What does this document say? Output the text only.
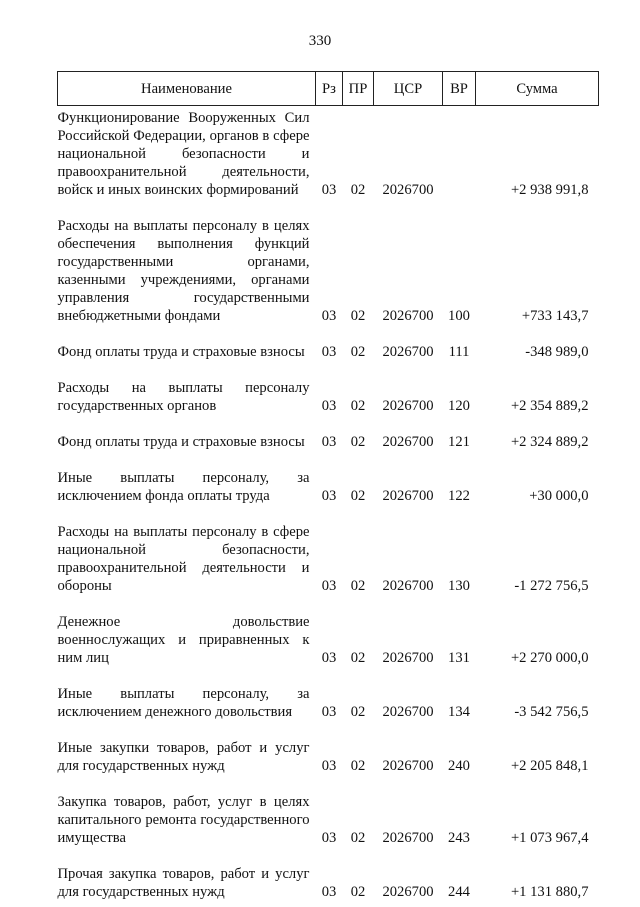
330
Наименование	Рз	ПР	ЦСР	ВР	Сумма
Функционирование Вооруженных Сил Российской Федерации, органов в сфере национальной безопасности и правоохранительной деятельности, войск и иных воинских формирований	03	02	2026700		+2 938 991,8
Расходы на выплаты персоналу в целях обеспечения выполнения функций государственными органами, казенными учреждениями, органами управления государственными внебюджетными фондами	03	02	2026700	100	+733 143,7
Фонд оплаты труда и страховые взносы	03	02	2026700	111	-348 989,0
Расходы на выплаты персоналу государственных органов	03	02	2026700	120	+2 354 889,2
Фонд оплаты труда и страховые взносы	03	02	2026700	121	+2 324 889,2
Иные выплаты персоналу, за исключением фонда оплаты труда	03	02	2026700	122	+30 000,0
Расходы на выплаты персоналу в сфере национальной безопасности, правоохранительной деятельности и обороны	03	02	2026700	130	-1 272 756,5
Денежное довольствие военнослужащих и приравненных к ним лиц	03	02	2026700	131	+2 270 000,0
Иные выплаты персоналу, за исключением денежного довольствия	03	02	2026700	134	-3 542 756,5
Иные закупки товаров, работ и услуг для государственных нужд	03	02	2026700	240	+2 205 848,1
Закупка товаров, работ, услуг в целях капитального ремонта государственного имущества	03	02	2026700	243	+1 073 967,4
Прочая закупка товаров, работ и услуг для государственных нужд	03	02	2026700	244	+1 131 880,7
